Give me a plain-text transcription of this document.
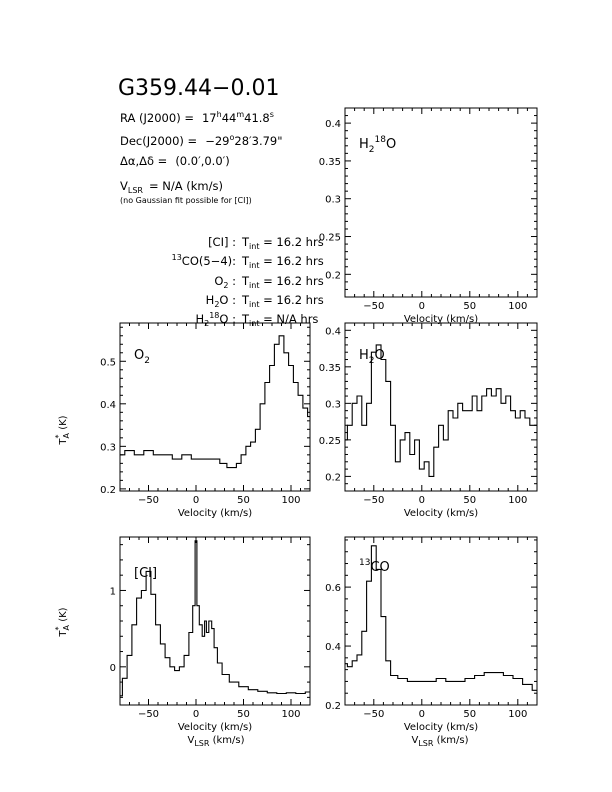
G359.44−0.01
RA $(J2000) = 17^h44^m41.8^s$
$Dec(J2000) = -29^o28'3.79$"
Δα,Δδ = (0.0′,0.0′)
$V_{LSR} = N/A$ (km/s)
(no Gaussian fit possible for [CI])
[CI] : $T_{int} = 16.2$ hrs
$^{13}$CO(5−4): $T_{int} = 16.2$ hrs
$O_2$ : $T_{int} = 16.2$ hrs
$H_2O$ : $T_{int} = 16.2$ hrs
$H_2^{18}O$ : $T_{int} = N/A$ hrs
−50	0	50	100
0.2
0.25
0.3
0.35
0.4
Velocity (km/s)
$H_2^{18}O$
−50	0	50	100
0.2
0.3
0.4
0.5
Velocity (km/s)
$O_2$
−50	0	50	100
0.2
0.25
0.3
0.35
0.4
Velocity (km/s)
$H_2O$
−50	0	50	100
0
1
Velocity (km/s)
[CI]
−50	0	50	100
0.2
0.4
0.6
Velocity (km/s)
$^{13}$CO
T*A (K)
T*A (K)
$V_{LSR}$ (km/s)	$V_{LSR}$ (km/s)
